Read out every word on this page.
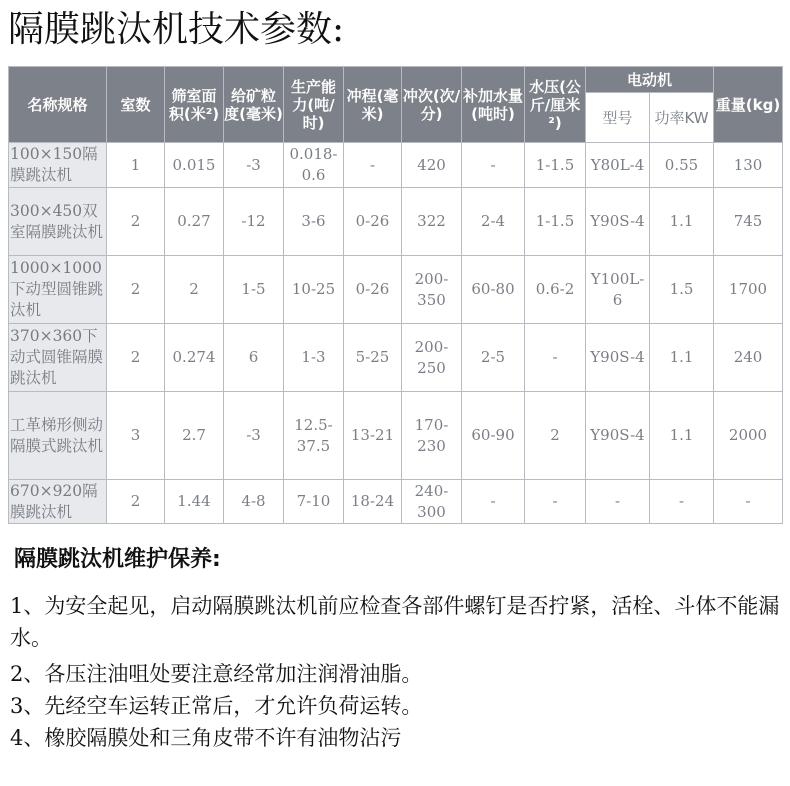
隔膜跳汰机技术参数:
名称规格	室数	筛室面积(米²)	给矿粒度(毫米)	生产能力(吨/时)	冲程(毫米)	冲次(次/分)	补加水量(吨时)	水压(公斤/厘米²)	电动机		重量(kg)
									型号	功率KW	
100×150隔膜跳汰机	1	0.015	-3	0.018-0.6	-	420	-	1-1.5	Y80L-4	0.55	130
300×450双室隔膜跳汰机	2	0.27	-12	3-6	0-26	322	2-4	1-1.5	Y90S-4	1.1	745
1000×1000下动型圆锥跳汰机	2	2	1-5	10-25	0-26	200-350	60-80	0.6-2	Y100L-6	1.5	1700
370×360下动式圆锥隔膜跳汰机	2	0.274	6	1-3	5-25	200-250	2-5	-	Y90S-4	1.1	240
工革梯形侧动隔膜式跳汰机	3	2.7	-3	12.5-37.5	13-21	170-230	60-90	2	Y90S-4	1.1	2000
670×920隔膜跳汰机	2	1.44	4-8	7-10	18-24	240-300	-	-	-	-	-
隔膜跳汰机维护保养:

1、为安全起见，启动隔膜跳汰机前应检查各部件螺钉是否拧紧，活栓、斗体不能漏水。

2、各压注油咀处要注意经常加注润滑油脂。

3、先经空车运转正常后，才允许负荷运转。

4、橡胶隔膜处和三角皮带不许有油物沾污
